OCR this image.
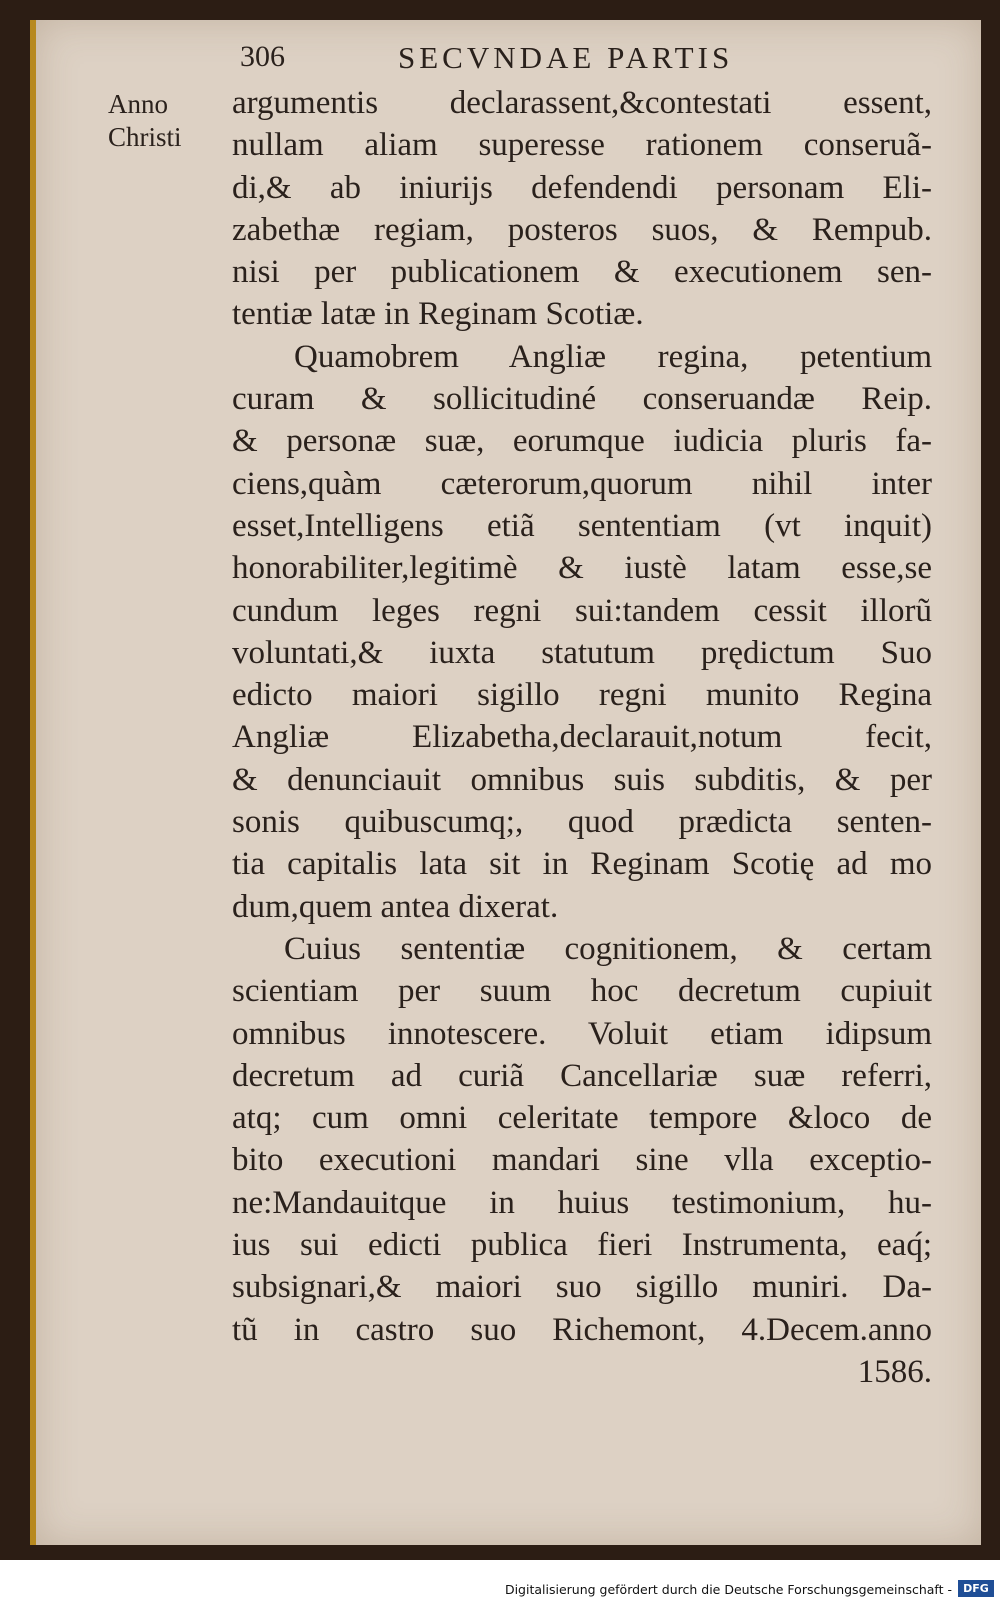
306	SECVNDAE PARTIS
Anno
Christi
argumentis declarassent,&contestati essent,
nullam aliam superesse rationem conseruã-
di,& ab iniurijs defendendi personam Eli-
zabethæ regiam, posteros suos, & Rempub.
nisi per publicationem & executionem sen-
tentiæ latæ in Reginam Scotiæ.
Quamobrem Angliæ regina, petentium
curam & sollicitudiné conseruandæ Reip.
& personæ suæ, eorumque iudicia pluris fa-
ciens,quàm cæterorum,quorum nihil inter
esset,Intelligens etiã sententiam (vt inquit)
honorabiliter,legitimè & iustè latam esse,se
cundum leges regni sui:tandem cessit illorũ
voluntati,& iuxta statutum prędictum Suo
edicto maiori sigillo regni munito Regina
Angliæ Elizabetha,declarauit,notum fecit,
& denunciauit omnibus suis subditis, & per
sonis quibuscumq;, quod prædicta senten-
tia capitalis lata sit in Reginam Scotię ad mo
dum,quem antea dixerat.
Cuius sententiæ cognitionem, & certam
scientiam per suum hoc decretum cupiuit
omnibus innotescere. Voluit etiam idipsum
decretum ad curiã Cancellariæ suæ referri,
atq; cum omni celeritate tempore &loco de
bito executioni mandari sine vlla exceptio-
ne:Mandauitque in huius testimonium, hu-
ius sui edicti publica fieri Instrumenta, eaq́;
subsignari,& maiori suo sigillo muniri. Da-
tũ in castro suo Richemont, 4.Decem.anno
1586.
Digitalisierung gefördert durch die Deutsche Forschungsgemeinschaft -	DFG
